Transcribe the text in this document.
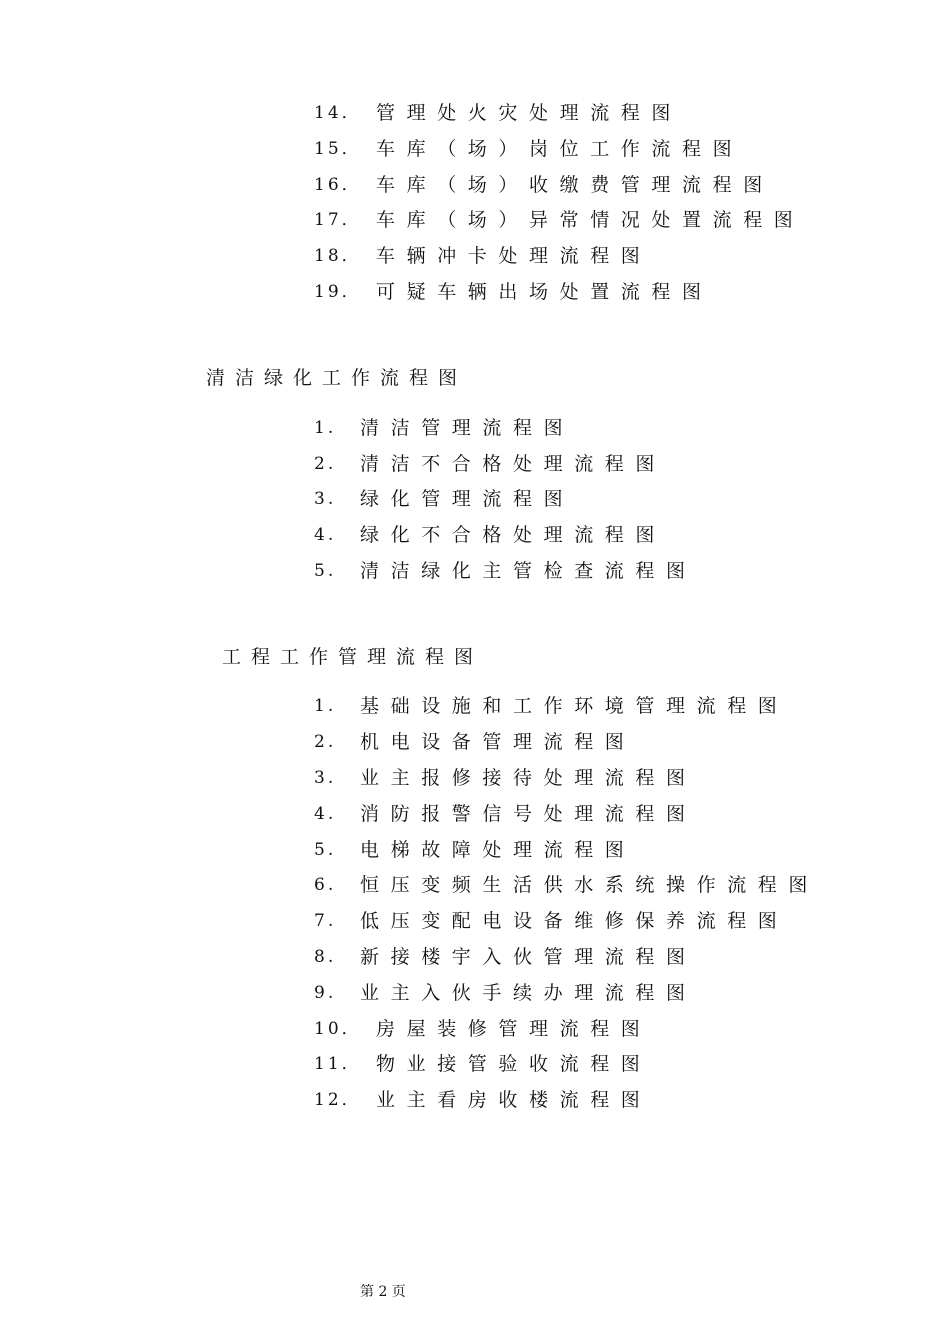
14． 管理处火灾处理流程图
15． 车库（场）岗位工作流程图
16． 车库（场）收缴费管理流程图
17． 车库（场）异常情况处置流程图
18． 车辆冲卡处理流程图
19． 可疑车辆出场处置流程图
清洁绿化工作流程图
1. 清洁管理流程图
2. 清洁不合格处理流程图
3. 绿化管理流程图
4. 绿化不合格处理流程图
5. 清洁绿化主管检查流程图
工程工作管理流程图
1. 基础设施和工作环境管理流程图
2. 机电设备管理流程图
3. 业主报修接待处理流程图
4. 消防报警信号处理流程图
5. 电梯故障处理流程图
6. 恒压变频生活供水系统操作流程图
7. 低压变配电设备维修保养流程图
8. 新接楼宇入伙管理流程图
9. 业主入伙手续办理流程图
10． 房屋装修管理流程图
11． 物业接管验收流程图
12． 业主看房收楼流程图
第 2 页
